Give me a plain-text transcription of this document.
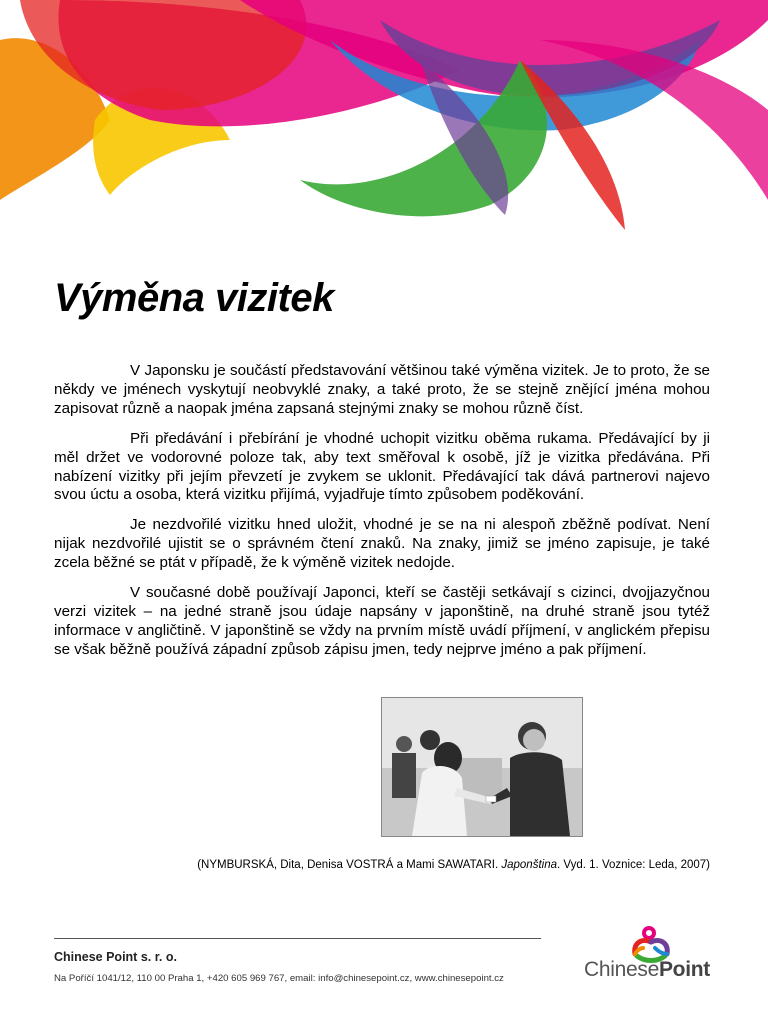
Výměna vizitek

V Japonsku je součástí představování většinou také výměna vizitek. Je to proto, že se někdy ve jménech vyskytují neobvyklé znaky, a také proto, že se stejně znějící jména mohou zapisovat různě a naopak jména zapsaná stejnými znaky se mohou různě číst.

Při předávání i přebírání je vhodné uchopit vizitku oběma rukama. Předávající by ji měl držet ve vodorovné poloze tak, aby text směřoval k osobě, jíž je vizitka předávána. Při nabízení vizitky při jejím převzetí je zvykem se uklonit. Předávající tak dává partnerovi najevo svou úctu a osoba, která vizitku přijímá, vyjadřuje tímto způsobem poděkování.

Je nezdvořilé vizitku hned uložit, vhodné je se na ni alespoň zběžně podívat. Není nijak nezdvořilé ujistit se o správném čtení znaků. Na znaky, jimiž se jméno zapisuje, je také zcela běžné se ptát v případě, že k výměně vizitek nedojde.

V současné době používají Japonci, kteří se častěji setkávají s cizinci, dvojjazyčnou verzi vizitek – na jedné straně jsou údaje napsány v japonštině, na druhé straně jsou tytéž informace v angličtině. V japonštině se vždy na prvním místě uvádí příjmení, v anglickém přepisu se však běžně používá západní způsob zápisu jmen, tedy nejprve jméno a pak příjmení.

(NYMBURSKÁ, Dita, Denisa VOSTRÁ a Mami SAWATARI. Japonština. Vyd. 1. Voznice: Leda, 2007)
Chinese Point s. r. o.
Na Poříčí 1041/12, 110 00 Praha 1, +420 605 969 767, email: info@chinesepoint.cz, www.chinesepoint.cz	ChinesePoint
